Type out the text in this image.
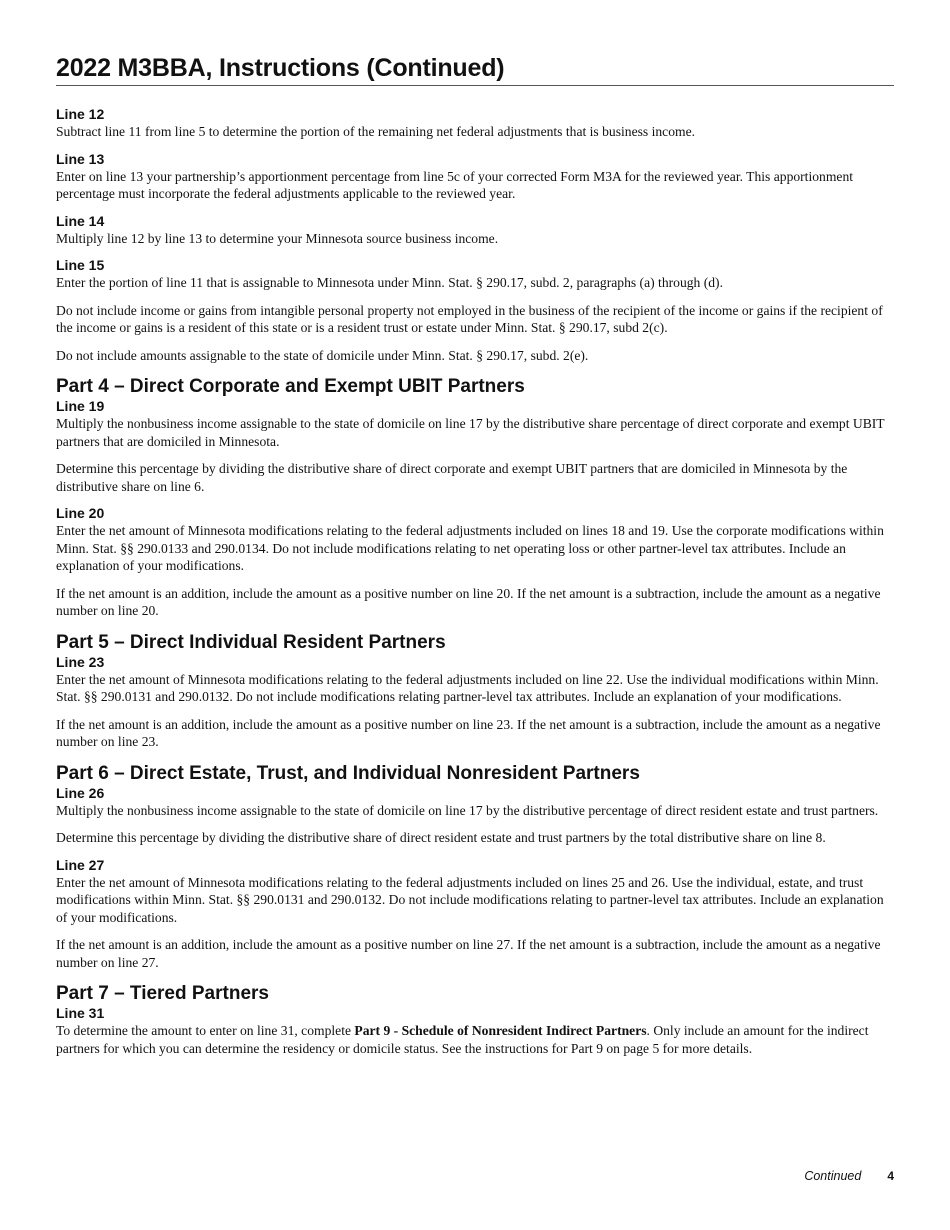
2022 M3BBA, Instructions (Continued)
Line 12

Subtract line 11 from line 5 to determine the portion of the remaining net federal adjustments that is business income.

Line 13

Enter on line 13 your partnership’s apportionment percentage from line 5c of your corrected Form M3A for the reviewed year. This apportionment percentage must incorporate the federal adjustments applicable to the reviewed year.

Line 14

Multiply line 12 by line 13 to determine your Minnesota source business income.

Line 15

Enter the portion of line 11 that is assignable to Minnesota under Minn. Stat. § 290.17, subd. 2, paragraphs (a) through (d).

Do not include income or gains from intangible personal property not employed in the business of the recipient of the income or gains if the recipient of the income or gains is a resident of this state or is a resident trust or estate under Minn. Stat. § 290.17, subd 2(c).

Do not include amounts assignable to the state of domicile under Minn. Stat. § 290.17, subd. 2(e).

Part 4 – Direct Corporate and Exempt UBIT Partners
Line 19

Multiply the nonbusiness income assignable to the state of domicile on line 17 by the distributive share percentage of direct corporate and exempt UBIT partners that are domiciled in Minnesota.

Determine this percentage by dividing the distributive share of direct corporate and exempt UBIT partners that are domiciled in Minnesota by the distributive share on line 6.

Line 20

Enter the net amount of Minnesota modifications relating to the federal adjustments included on lines 18 and 19. Use the corporate modifications within Minn. Stat. §§ 290.0133 and 290.0134. Do not include modifications relating to net operating loss or other partner-level tax attributes. Include an explanation of your modifications.

If the net amount is an addition, include the amount as a positive number on line 20. If the net amount is a subtraction, include the amount as a negative number on line 20.

Part 5 – Direct Individual Resident Partners
Line 23

Enter the net amount of Minnesota modifications relating to the federal adjustments included on line 22. Use the individual modifications within Minn. Stat. §§ 290.0131 and 290.0132. Do not include modifications relating partner-level tax attributes. Include an explanation of your modifications.

If the net amount is an addition, include the amount as a positive number on line 23. If the net amount is a subtraction, include the amount as a negative number on line 23.

Part 6 – Direct Estate, Trust, and Individual Nonresident Partners
Line 26

Multiply the nonbusiness income assignable to the state of domicile on line 17 by the distributive percentage of direct resident estate and trust partners.

Determine this percentage by dividing the distributive share of direct resident estate and trust partners by the total distributive share on line 8.

Line 27

Enter the net amount of Minnesota modifications relating to the federal adjustments included on lines 25 and 26. Use the individual, estate, and trust modifications within Minn. Stat. §§ 290.0131 and 290.0132. Do not include modifications relating to partner-level tax attributes. Include an explanation of your modifications.

If the net amount is an addition, include the amount as a positive number on line 27. If the net amount is a subtraction, include the amount as a negative number on line 27.

Part 7 – Tiered Partners
Line 31

To determine the amount to enter on line 31, complete Part 9 - Schedule of Nonresident Indirect Partners. Only include an amount for the indirect partners for which you can determine the residency or domicile status. See the instructions for Part 9 on page 5 for more details.

Continued 4
